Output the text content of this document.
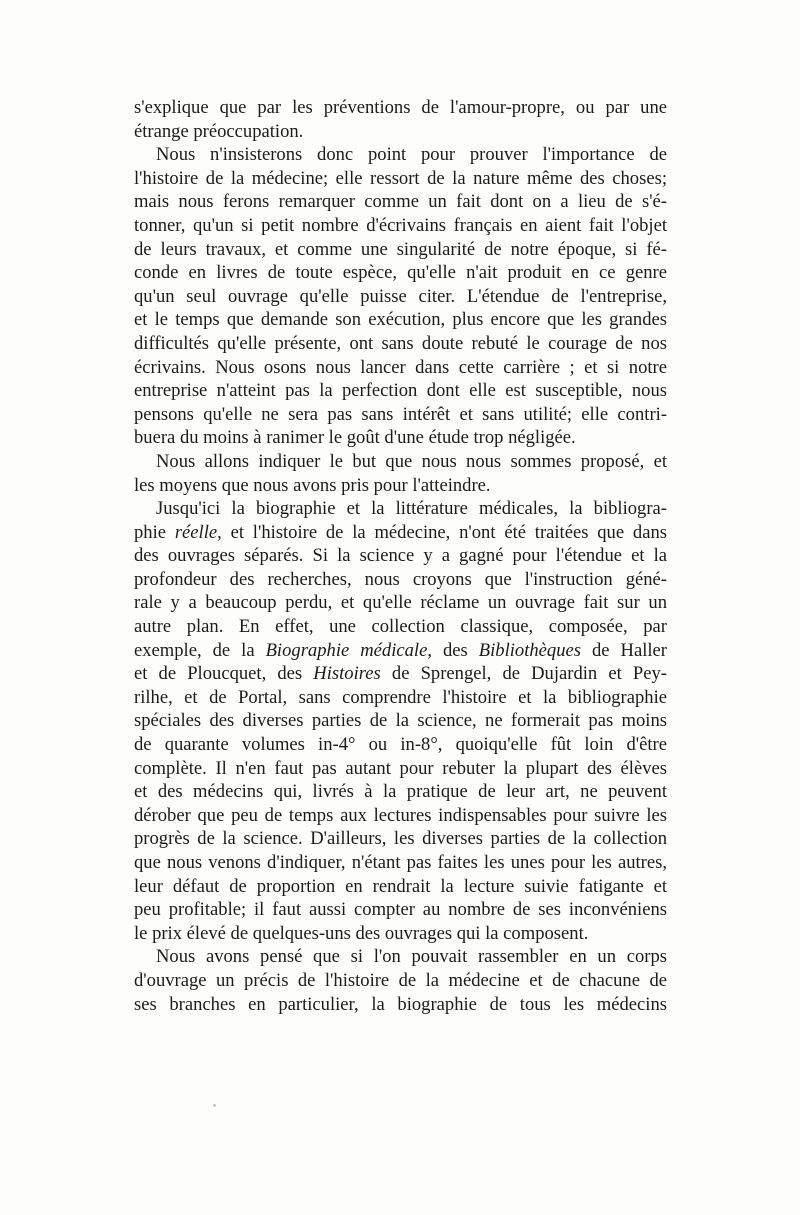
s'explique que par les préventions de l'amour-propre, ou par une
étrange préoccupation.

Nous n'insisterons donc point pour prouver l'importance de
l'histoire de la médecine; elle ressort de la nature même des choses;
mais nous ferons remarquer comme un fait dont on a lieu de s'é-
tonner, qu'un si petit nombre d'écrivains français en aient fait l'objet
de leurs travaux, et comme une singularité de notre époque, si fé-
conde en livres de toute espèce, qu'elle n'ait produit en ce genre
qu'un seul ouvrage qu'elle puisse citer. L'étendue de l'entreprise,
et le temps que demande son exécution, plus encore que les grandes
difficultés qu'elle présente, ont sans doute rebuté le courage de nos
écrivains. Nous osons nous lancer dans cette carrière ; et si notre
entreprise n'atteint pas la perfection dont elle est susceptible, nous
pensons qu'elle ne sera pas sans intérêt et sans utilité; elle contri-
buera du moins à ranimer le goût d'une étude trop négligée.

Nous allons indiquer le but que nous nous sommes proposé, et
les moyens que nous avons pris pour l'atteindre.

Jusqu'ici la biographie et la littérature médicales, la bibliogra-
phie réelle, et l'histoire de la médecine, n'ont été traitées que dans
des ouvrages séparés. Si la science y a gagné pour l'étendue et la
profondeur des recherches, nous croyons que l'instruction géné-
rale y a beaucoup perdu, et qu'elle réclame un ouvrage fait sur un
autre plan. En effet, une collection classique, composée, par
exemple, de la Biographie médicale, des Bibliothèques de Haller
et de Ploucquet, des Histoires de Sprengel, de Dujardin et Pey-
rilhe, et de Portal, sans comprendre l'histoire et la bibliographie
spéciales des diverses parties de la science, ne formerait pas moins
de quarante volumes in-4° ou in-8°, quoiqu'elle fût loin d'être
complète. Il n'en faut pas autant pour rebuter la plupart des élèves
et des médecins qui, livrés à la pratique de leur art, ne peuvent
dérober que peu de temps aux lectures indispensables pour suivre les
progrès de la science. D'ailleurs, les diverses parties de la collection
que nous venons d'indiquer, n'étant pas faites les unes pour les autres,
leur défaut de proportion en rendrait la lecture suivie fatigante et
peu profitable; il faut aussi compter au nombre de ses inconvéniens
le prix élevé de quelques-uns des ouvrages qui la composent.

Nous avons pensé que si l'on pouvait rassembler en un corps
d'ouvrage un précis de l'histoire de la médecine et de chacune de
ses branches en particulier, la biographie de tous les médecins
